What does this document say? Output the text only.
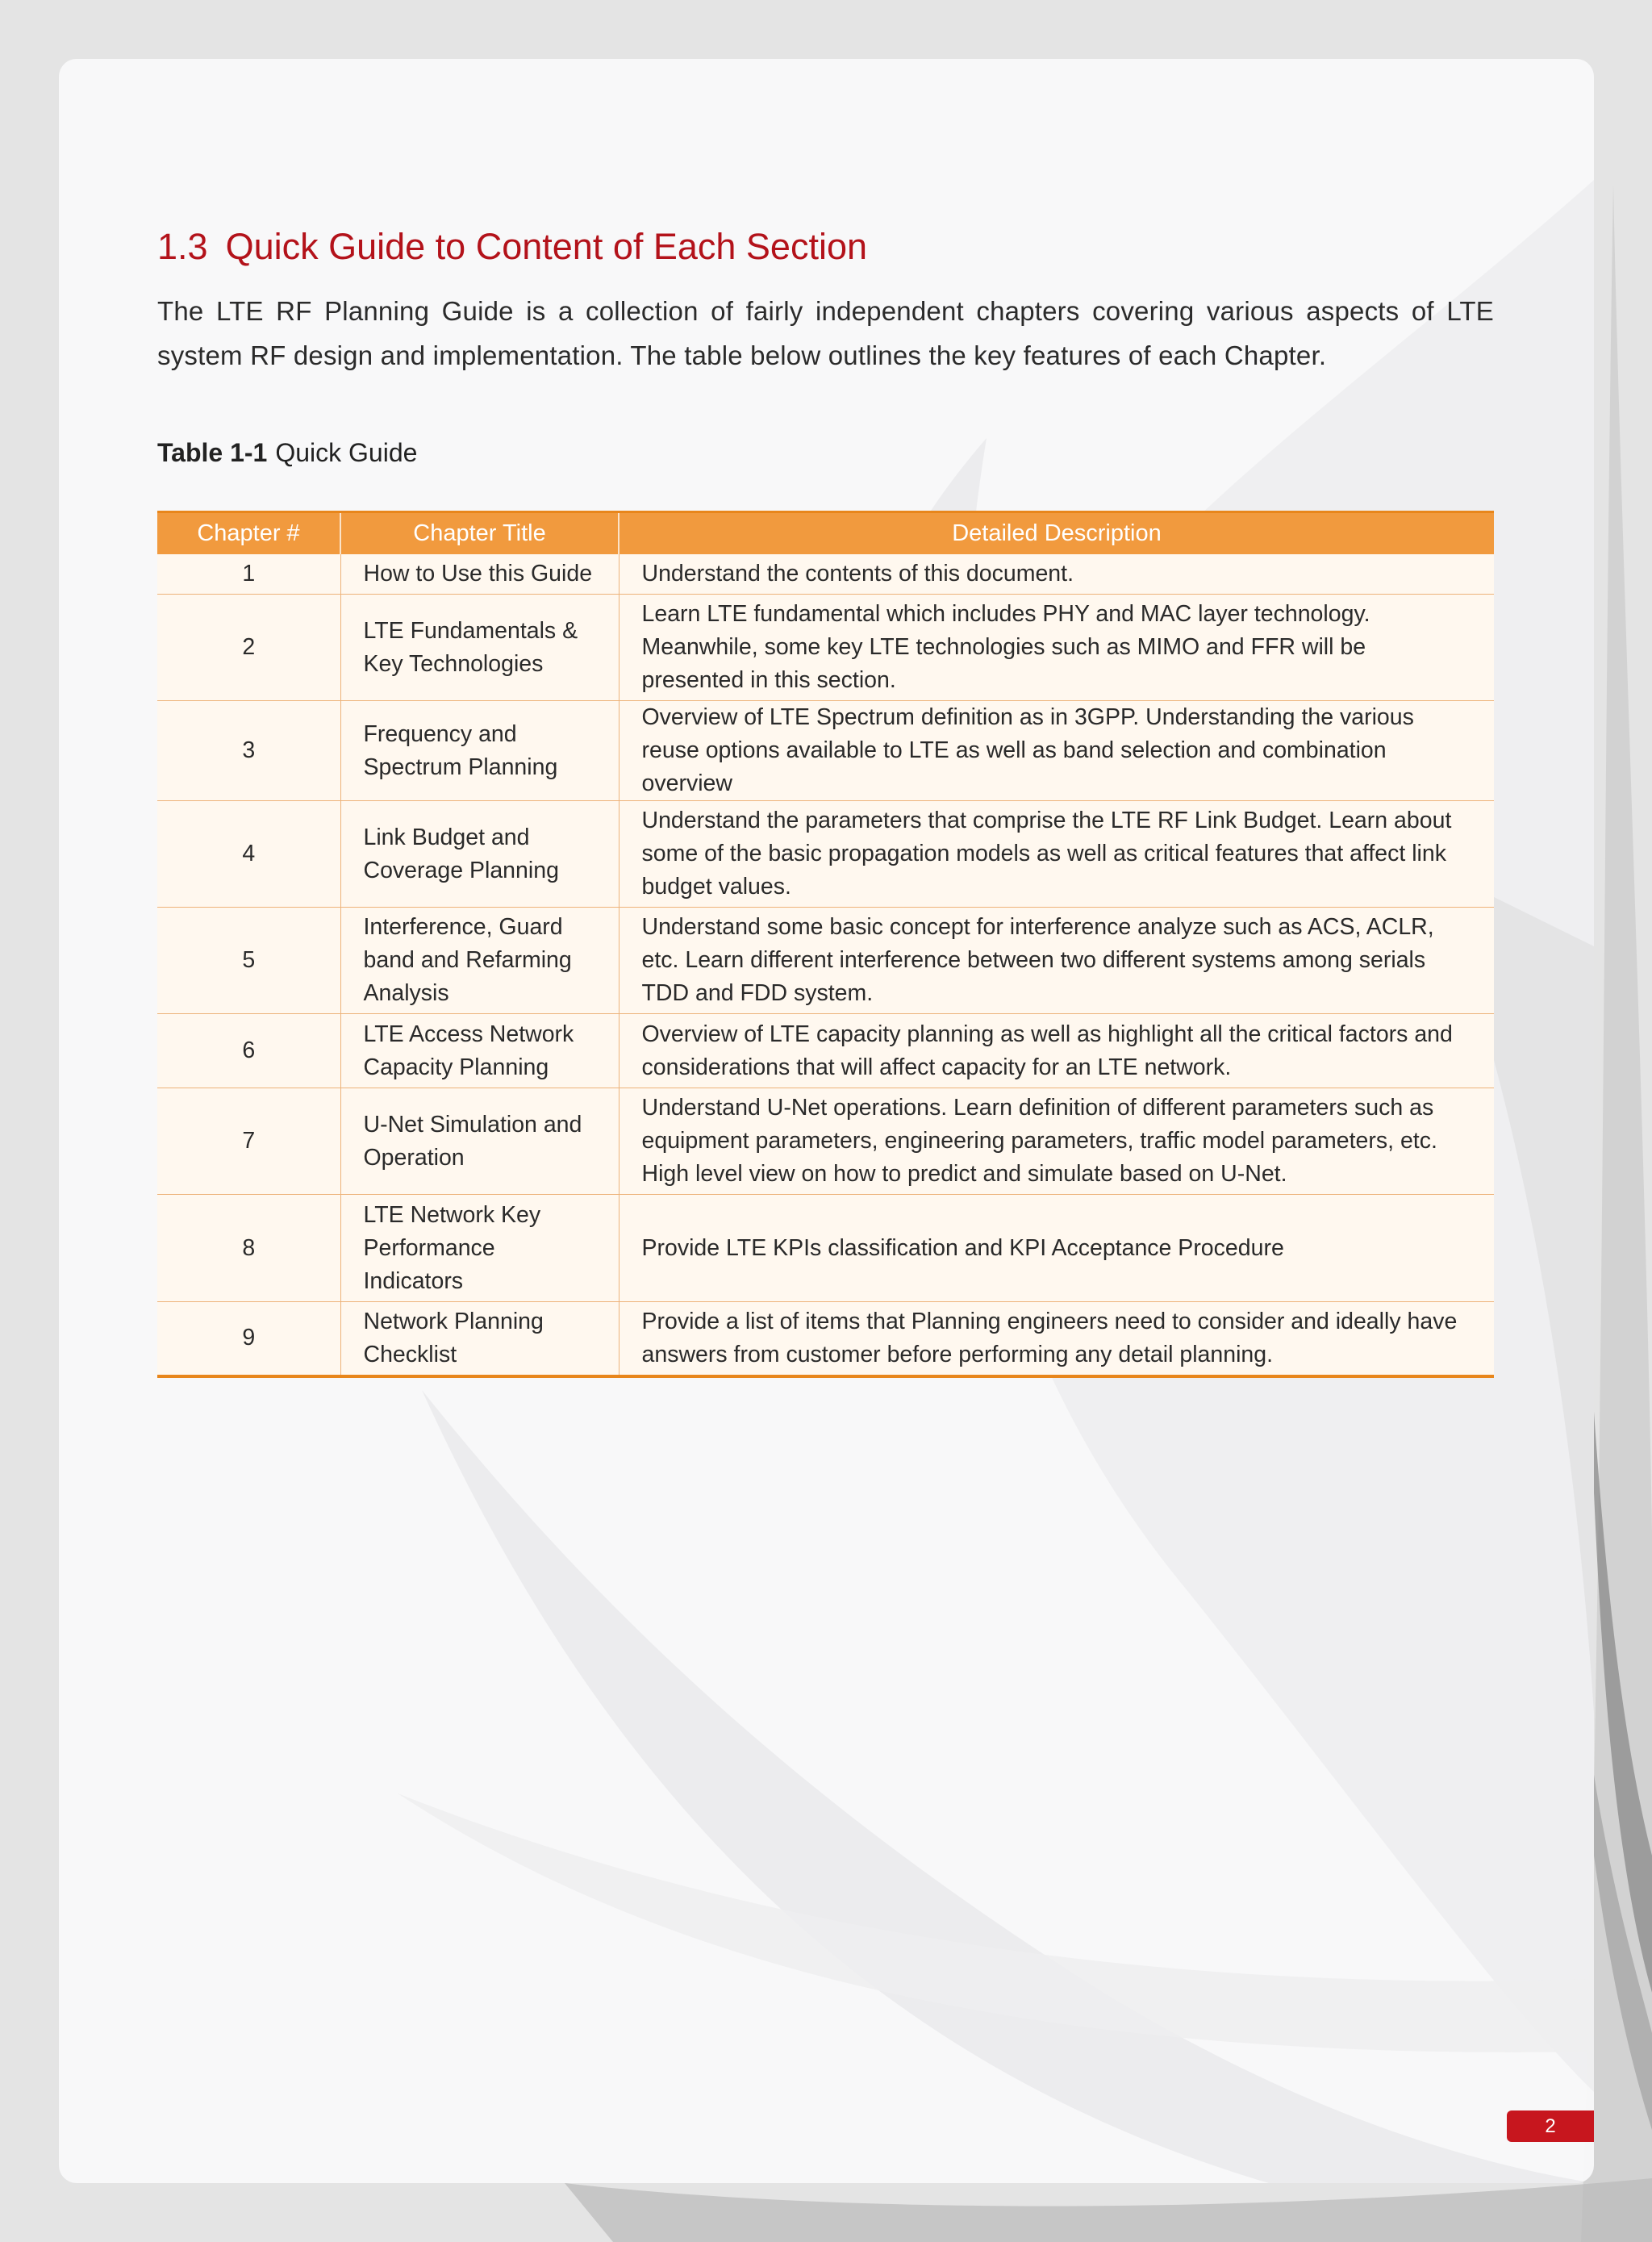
1.3 Quick Guide to Content of Each Section

The LTE RF Planning Guide is a collection of fairly independent chapters covering various aspects of LTE system RF design and implementation. The table below outlines the key features of each Chapter.

Table 1-1 Quick Guide

Chapter #	Chapter Title	Detailed Description
1	How to Use this Guide	Understand the contents of this document.
2	LTE Fundamentals & Key Technologies	Learn LTE fundamental which includes PHY and MAC layer technology. Meanwhile, some key LTE technologies such as MIMO and FFR will be presented in this section.
3	Frequency and Spectrum Planning	Overview of LTE Spectrum definition as in 3GPP. Understanding the various reuse options available to LTE as well as band selection and combination overview
4	Link Budget and Coverage Planning	Understand the parameters that comprise the LTE RF Link Budget. Learn about some of the basic propagation models as well as critical features that affect link budget values.
5	Interference, Guard band and Refarming Analysis	Understand some basic concept for interference analyze such as ACS, ACLR, etc. Learn different interference between two different systems among serials TDD and FDD system.
6	LTE Access Network Capacity Planning	Overview of LTE capacity planning as well as highlight all the critical factors and considerations that will affect capacity for an LTE network.
7	U-Net Simulation and Operation	Understand U-Net operations. Learn definition of different parameters such as equipment parameters, engineering parameters, traffic model parameters, etc. High level view on how to predict and simulate based on U-Net.
8	LTE Network Key Performance Indicators	Provide LTE KPIs classification and KPI Acceptance Procedure
9	Network Planning Checklist	Provide a list of items that Planning engineers need to consider and ideally have answers from customer before performing any detail planning.
2
